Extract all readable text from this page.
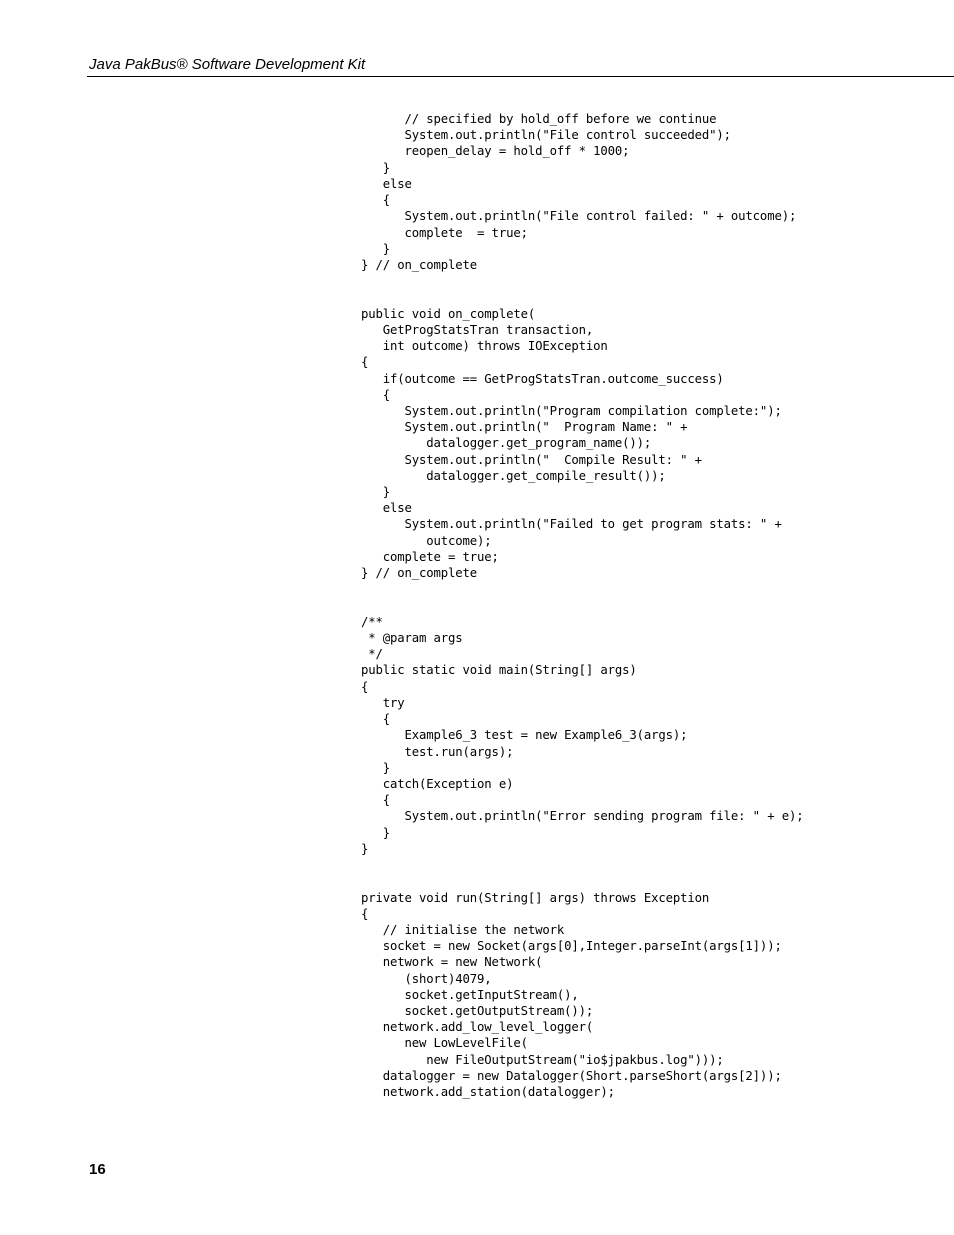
Java PakBus® Software Development Kit
// specified by hold_off before we continue
System.out.println("File control succeeded");
reopen_delay = hold_off * 1000;
}
else
{
System.out.println("File control failed: " + outcome);
complete  = true;
}
} // on_complete
public void on_complete(
GetProgStatsTran transaction,
int outcome) throws IOException
{
if(outcome == GetProgStatsTran.outcome_success)
{
System.out.println("Program compilation complete:");
System.out.println("  Program Name: " +
datalogger.get_program_name());
System.out.println("  Compile Result: " +
datalogger.get_compile_result());
}
else
System.out.println("Failed to get program stats: " +
outcome);
complete = true;
} // on_complete
/**
* @param args
*/
public static void main(String[] args)
{
try
{
Example6_3 test = new Example6_3(args);
test.run(args);
}
catch(Exception e)
{
System.out.println("Error sending program file: " + e);
}
}
private void run(String[] args) throws Exception
{
// initialise the network
socket = new Socket(args[0],Integer.parseInt(args[1]));
network = new Network(
(short)4079,
socket.getInputStream(),
socket.getOutputStream());
network.add_low_level_logger(
new LowLevelFile(
new FileOutputStream("io$jpakbus.log")));
datalogger = new Datalogger(Short.parseShort(args[2]));
network.add_station(datalogger);
16
